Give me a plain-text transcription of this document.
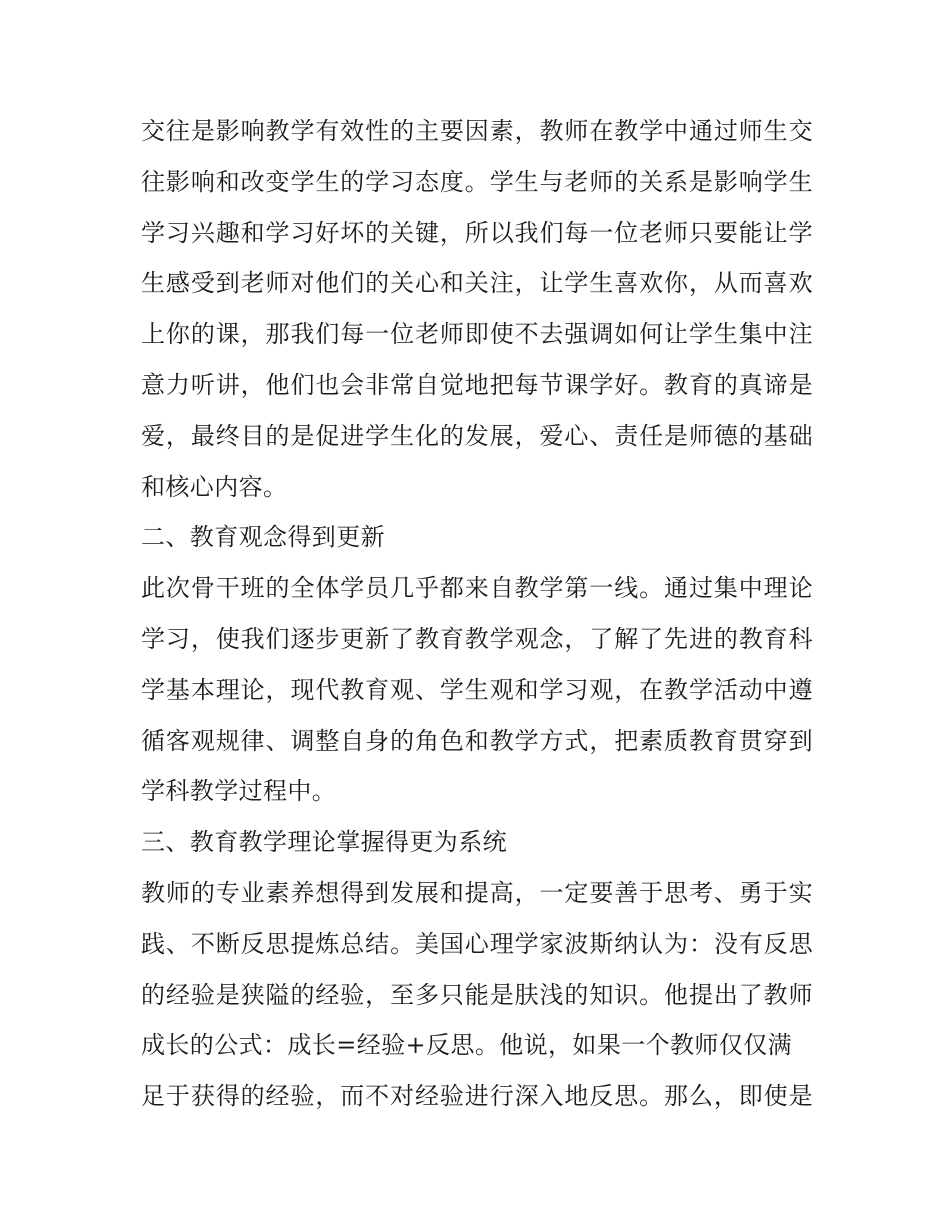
交往是影响教学有效性的主要因素，教师在教学中通过师生交
往影响和改变学生的学习态度。学生与老师的关系是影响学生
学习兴趣和学习好坏的关键，所以我们每一位老师只要能让学
生感受到老师对他们的关心和关注，让学生喜欢你，从而喜欢
上你的课，那我们每一位老师即使不去强调如何让学生集中注
意力听讲，他们也会非常自觉地把每节课学好。教育的真谛是
爱，最终目的是促进学生化的发展，爱心、责任是师德的基础
和核心内容。
二、教育观念得到更新
此次骨干班的全体学员几乎都来自教学第一线。通过集中理论
学习，使我们逐步更新了教育教学观念，了解了先进的教育科
学基本理论，现代教育观、学生观和学习观，在教学活动中遵
循客观规律、调整自身的角色和教学方式，把素质教育贯穿到
学科教学过程中。
三、教育教学理论掌握得更为系统
教师的专业素养想得到发展和提高，一定要善于思考、勇于实
践、不断反思提炼总结。美国心理学家波斯纳认为：没有反思
的经验是狭隘的经验，至多只能是肤浅的知识。他提出了教师
成长的公式：成长=经验+反思。他说，如果一个教师仅仅满
足于获得的经验，而不对经验进行深入地反思。那么，即使是
